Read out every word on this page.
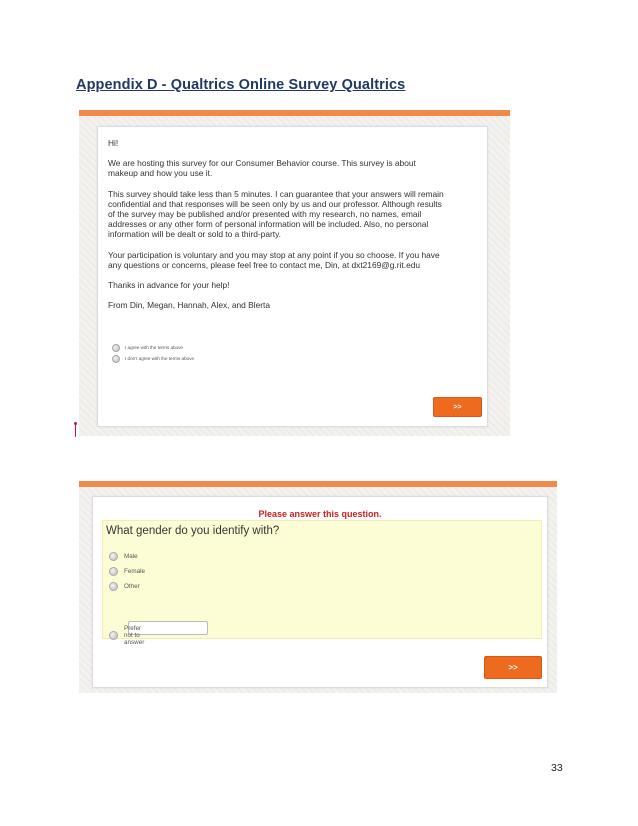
Appendix D - Qualtrics Online Survey Qualtrics
Hi!
We are hosting this survey for our Consumer Behavior course. This survey is about
makeup and how you use it.
This survey should take less than 5 minutes. I can guarantee that your answers will remain
confidential and that responses will be seen only by us and our professor. Although results
of the survey may be published and/or presented with my research, no names, email
addresses or any other form of personal information will be included. Also, no personal
information will be dealt or sold to a third-party.
Your participation is voluntary and you may stop at any point if you so choose. If you have
any questions or concerns, please feel free to contact me, Din, at dxt2169@g.rit.edu
Thanks in advance for your help!
From Din, Megan, Hannah, Alex, and Blerta
I agree with the terms above
I don't agree with the terms above
>>
Please answer this question.
What gender do you identify with?
Male
Female
Other
Prefer not to answer
>>
33
